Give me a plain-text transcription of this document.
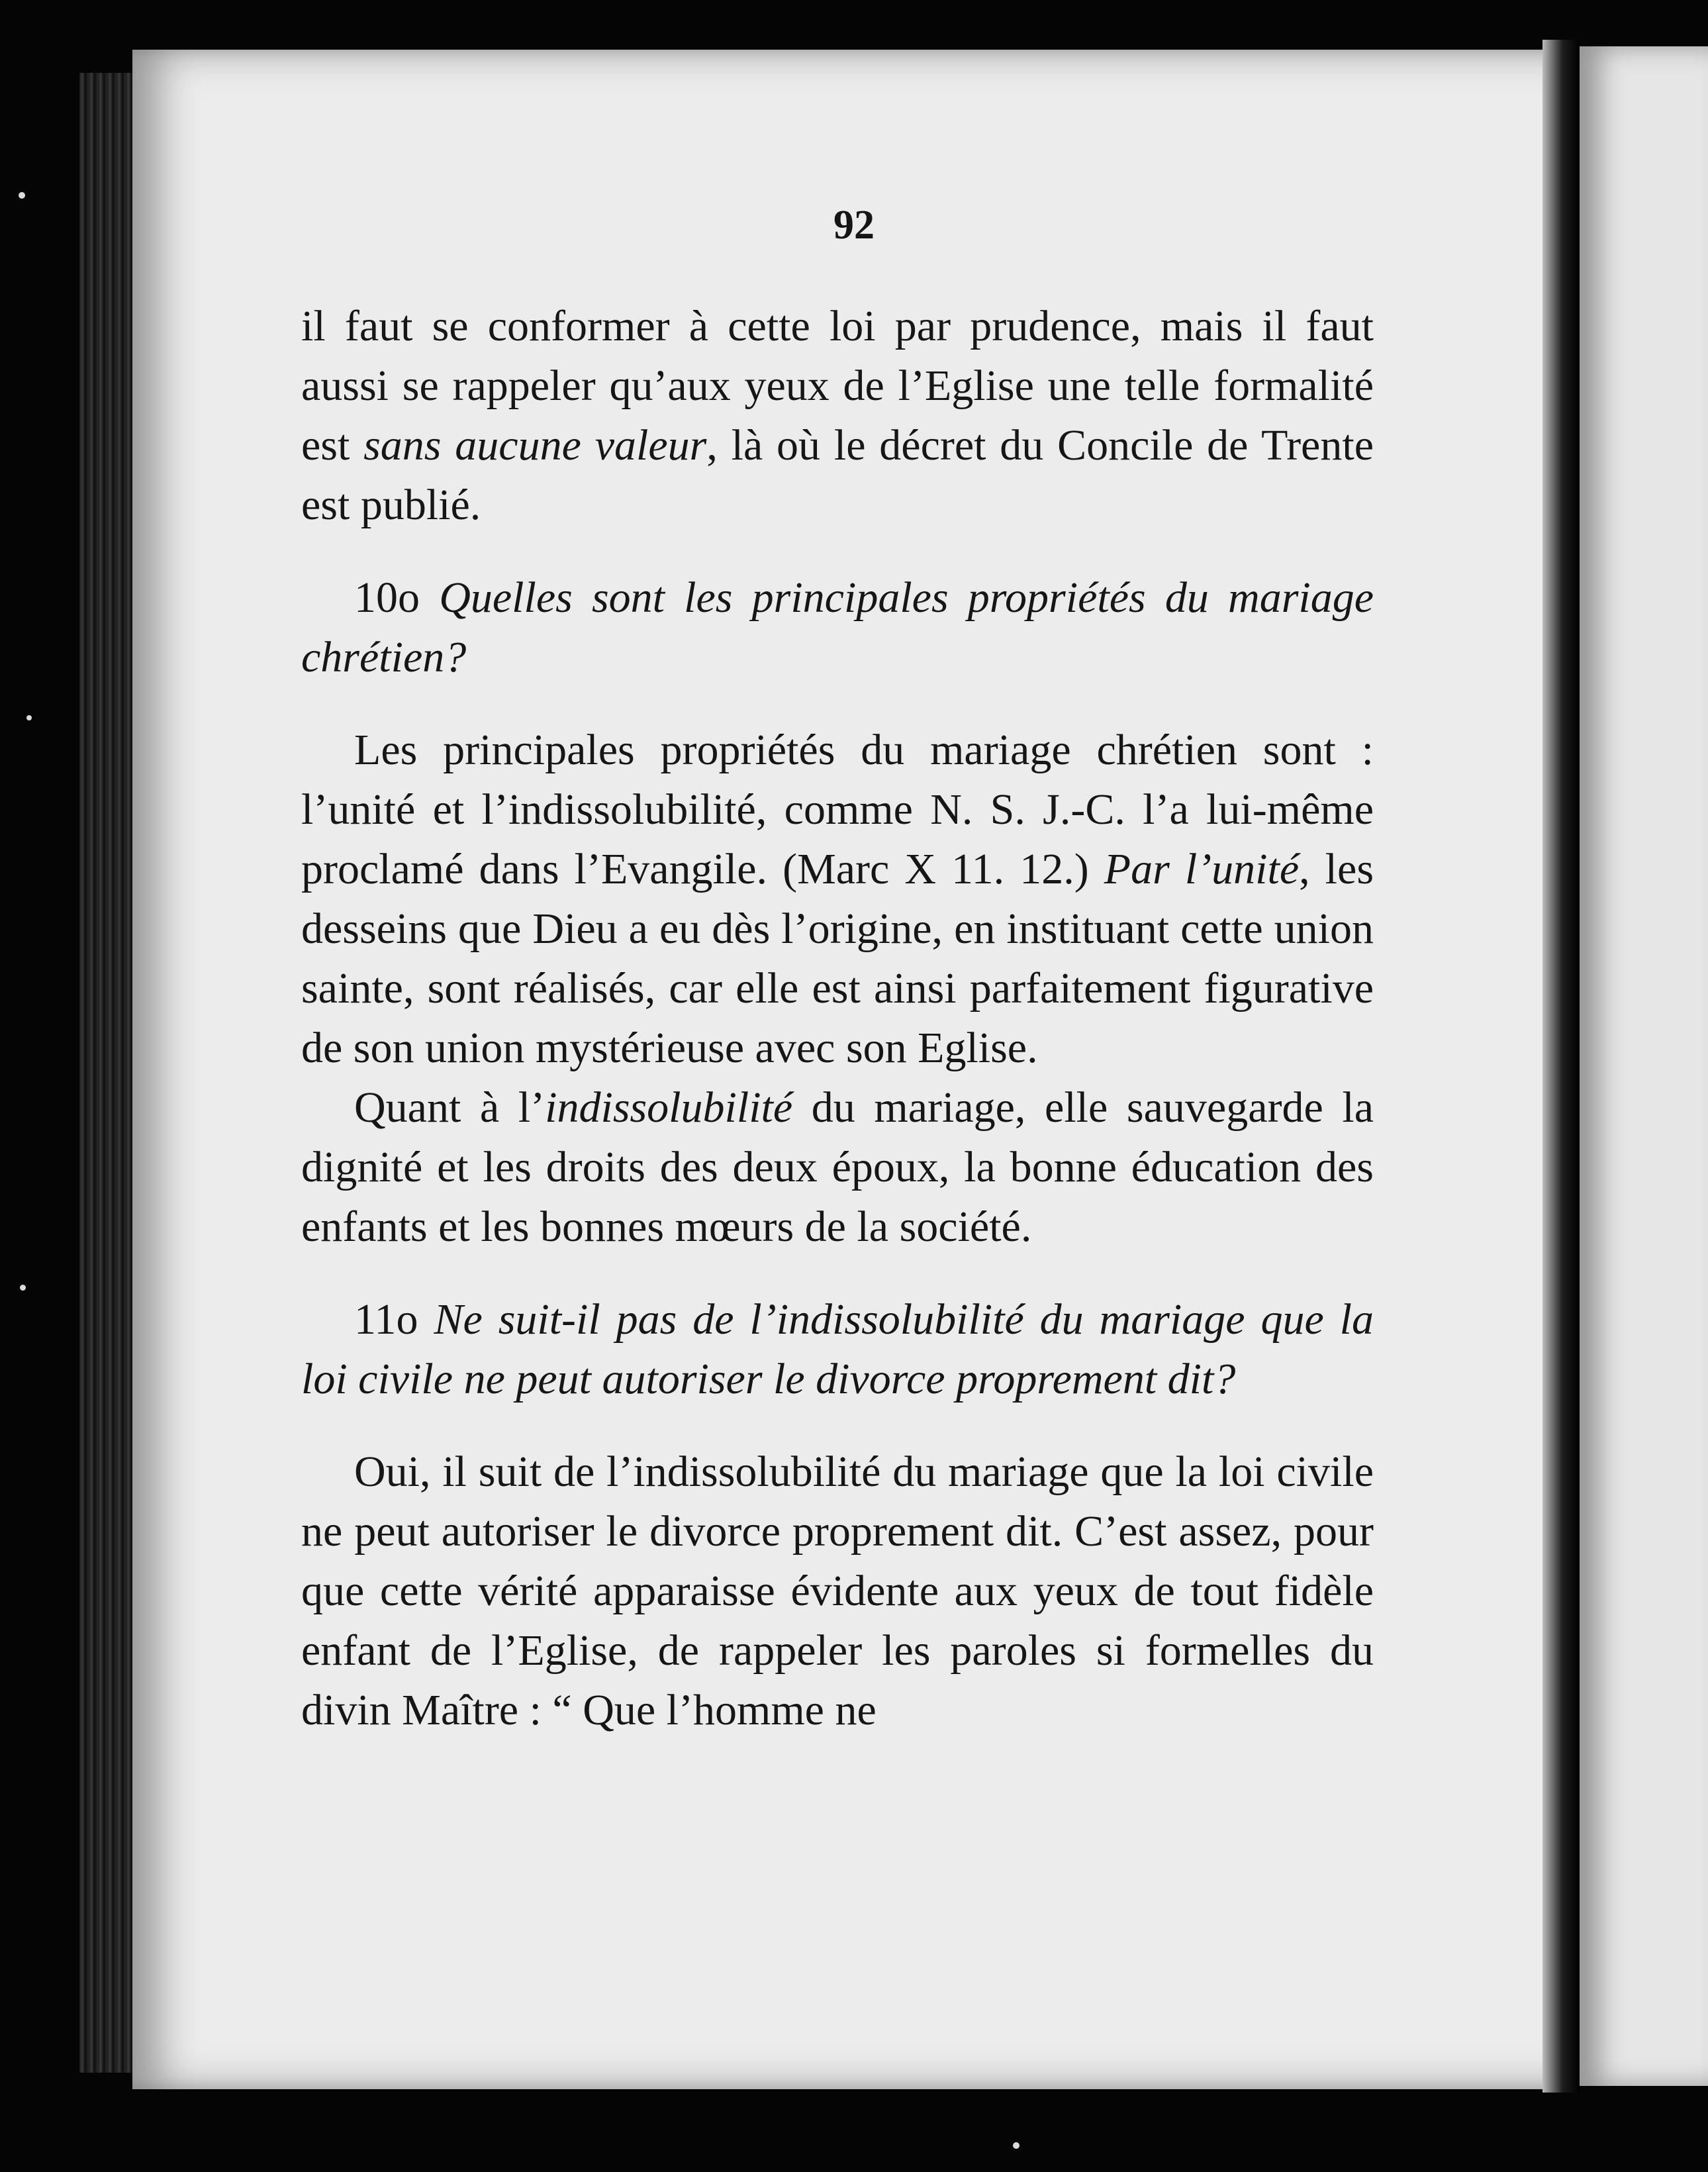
92

il faut se conformer à cette loi par prudence, mais il faut aussi se rappeler qu’aux yeux de l’Eglise une telle formalité est sans aucune valeur, là où le décret du Concile de Trente est publié.

10o Quelles sont les principales propriétés du mariage chrétien?

Les principales propriétés du mariage chrétien sont : l’unité et l’indissolubilité, comme N. S. J.-C. l’a lui-même proclamé dans l’Evangile. (Marc X 11. 12.) Par l’unité, les desseins que Dieu a eu dès l’origine, en instituant cette union sainte, sont réalisés, car elle est ainsi parfaitement figurative de son union mystérieuse avec son Eglise.

Quant à l’indissolubilité du mariage, elle sauvegarde la dignité et les droits des deux époux, la bonne éducation des enfants et les bonnes mœurs de la société.

11o Ne suit-il pas de l’indissolubilité du mariage que la loi civile ne peut autoriser le divorce proprement dit?

Oui, il suit de l’indissolubilité du mariage que la loi civile ne peut autoriser le divorce proprement dit. C’est assez, pour que cette vérité apparaisse évidente aux yeux de tout fidèle enfant de l’Eglise, de rappeler les paroles si formelles du divin Maître : “ Que l’homme ne
